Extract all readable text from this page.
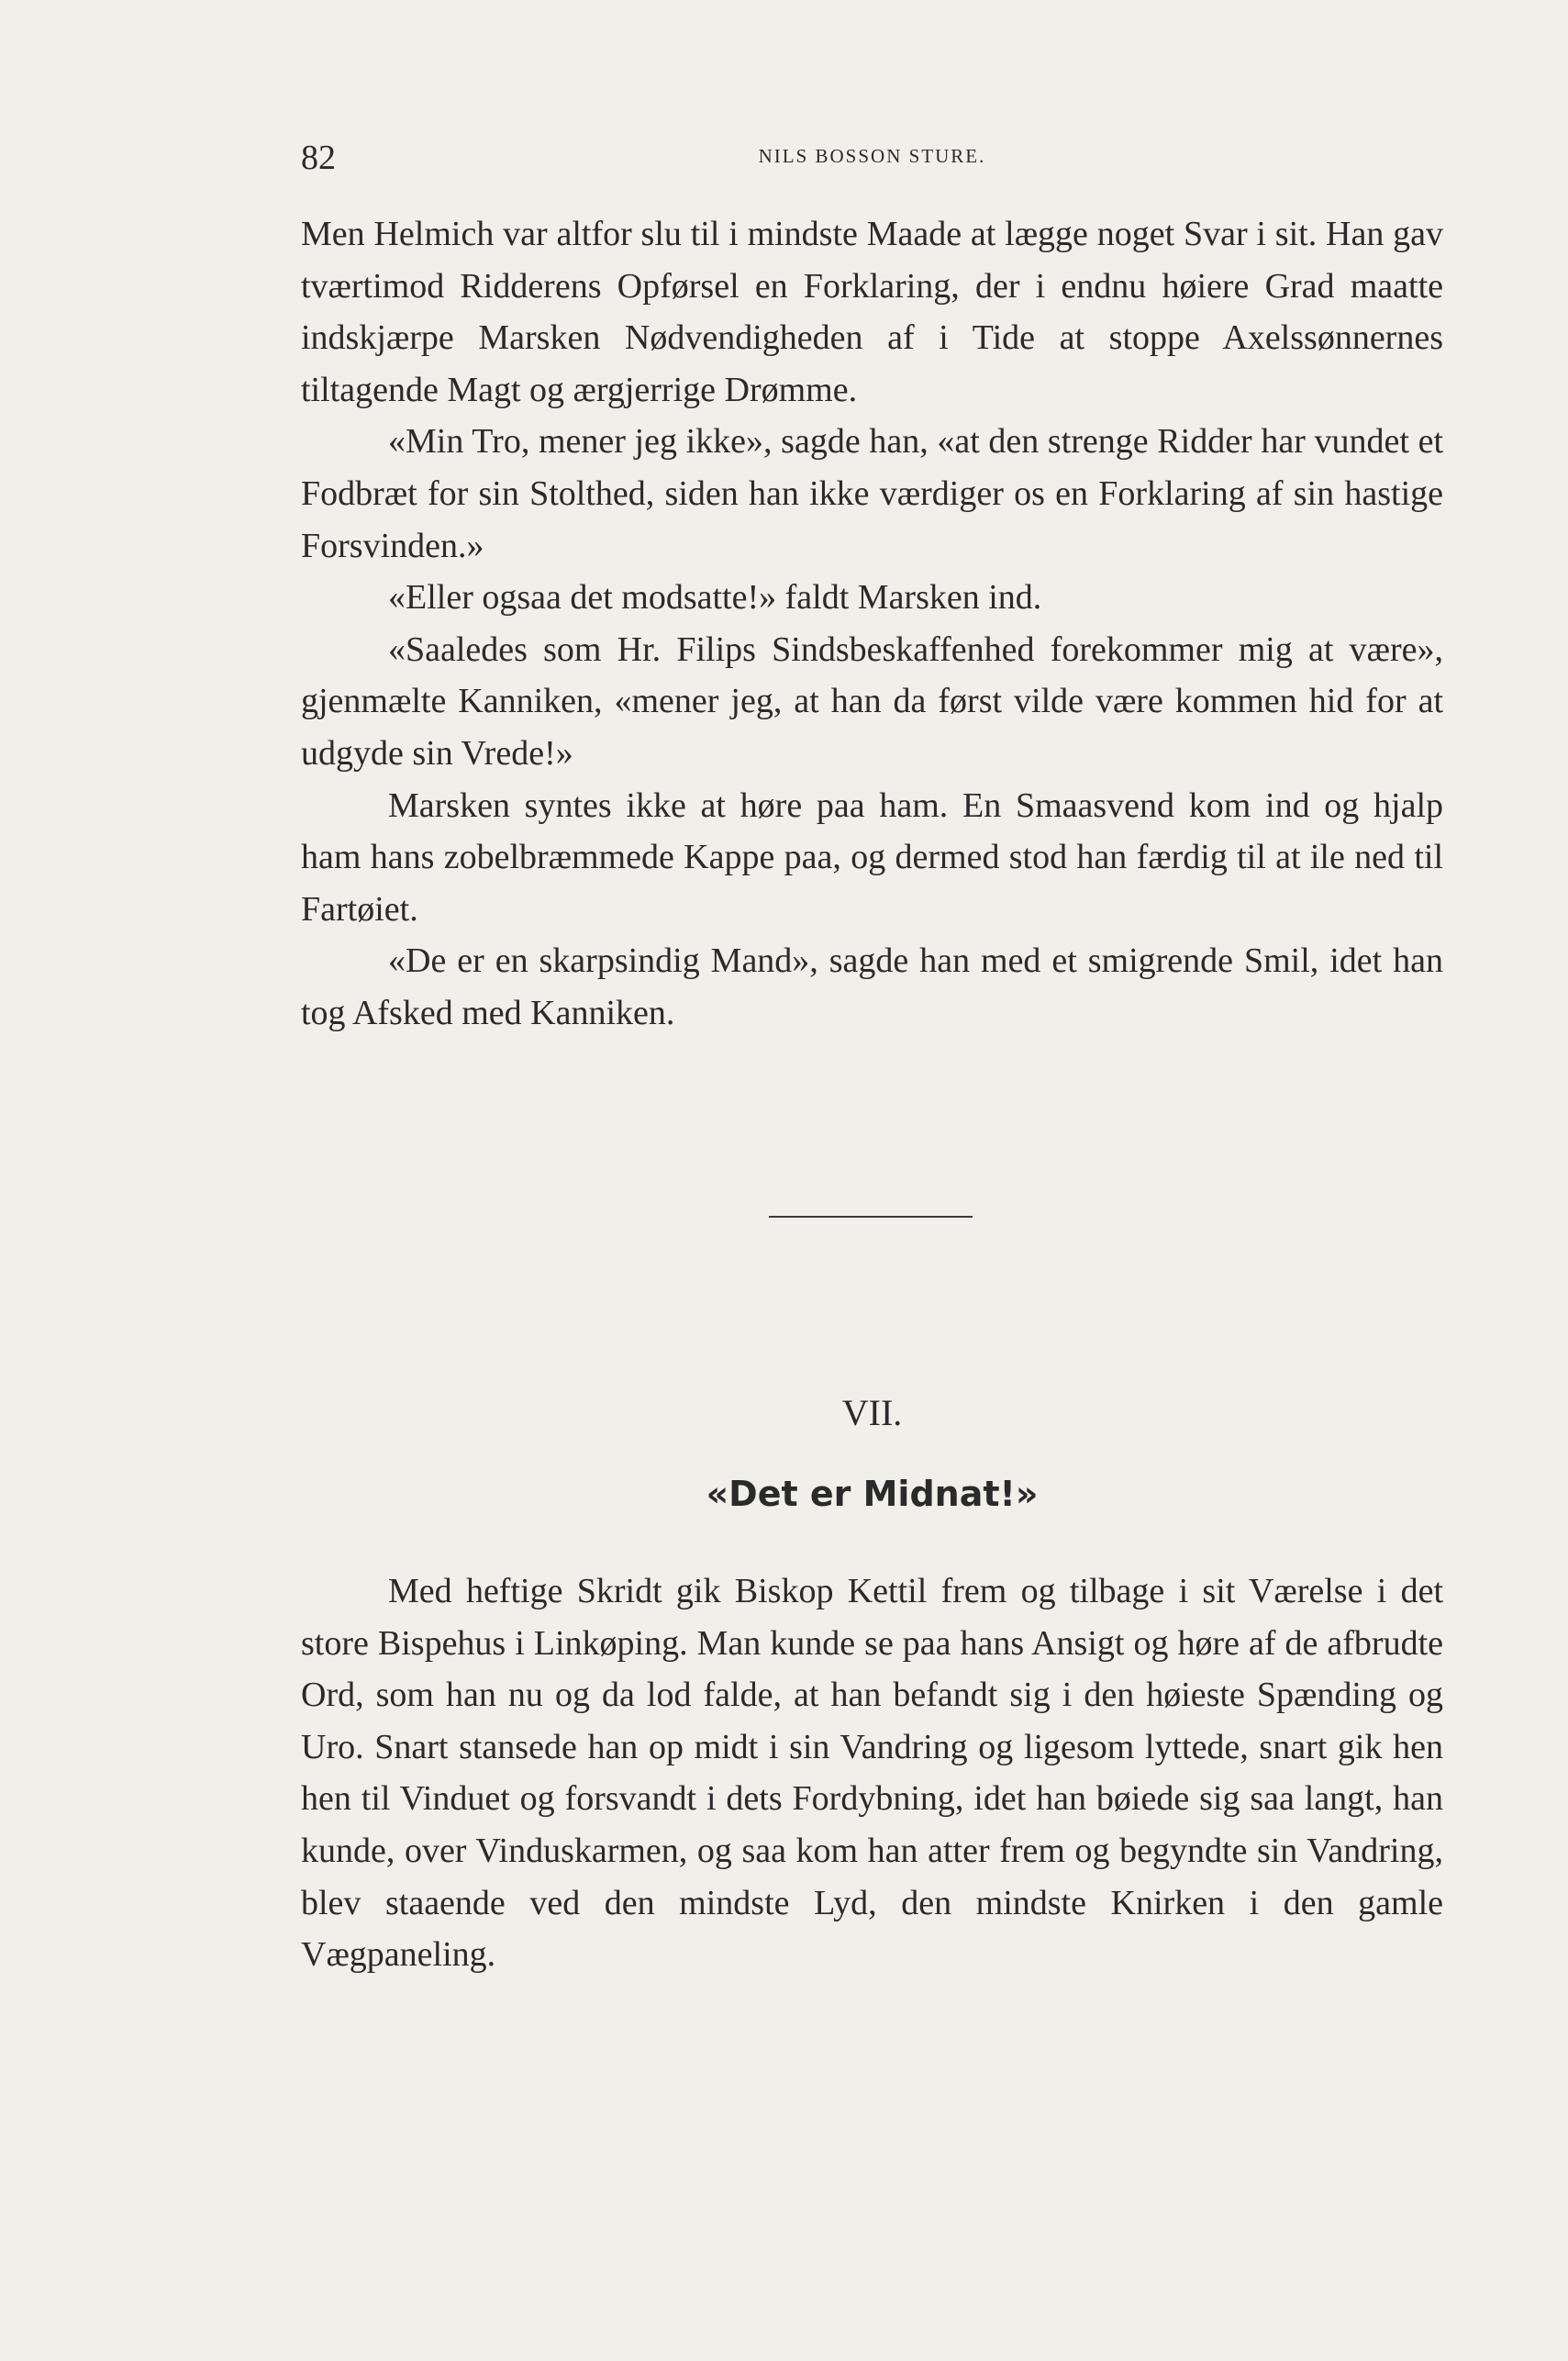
82	NILS BOSSON STURE.

Men Helmich var altfor slu til i mindste Maade at lægge noget Svar i sit. Han gav tværtimod Ridderens Opførsel en Forklaring, der i endnu høiere Grad maatte indskjærpe Marsken Nødvendigheden af i Tide at stoppe Axelssønnernes tiltagende Magt og ærgjerrige Drømme.

«Min Tro, mener jeg ikke», sagde han, «at den strenge Ridder har vundet et Fodbræt for sin Stolthed, siden han ikke værdiger os en Forklaring af sin hastige Forsvinden.»

«Eller ogsaa det modsatte!» faldt Marsken ind.

«Saaledes som Hr. Filips Sindsbeskaffenhed forekommer mig at være», gjenmælte Kanniken, «mener jeg, at han da først vilde være kommen hid for at udgyde sin Vrede!»

Marsken syntes ikke at høre paa ham. En Smaasvend kom ind og hjalp ham hans zobelbræmmede Kappe paa, og dermed stod han færdig til at ile ned til Fartøiet.

«De er en skarpsindig Mand», sagde han med et smigrende Smil, idet han tog Afsked med Kanniken.

VII.
«Det er Midnat!»

Med heftige Skridt gik Biskop Kettil frem og tilbage i sit Værelse i det store Bispehus i Linkøping. Man kunde se paa hans Ansigt og høre af de afbrudte Ord, som han nu og da lod falde, at han befandt sig i den høieste Spænding og Uro. Snart stansede han op midt i sin Vandring og ligesom lyttede, snart gik hen hen til Vinduet og forsvandt i dets Fordybning, idet han bøiede sig saa langt, han kunde, over Vinduskarmen, og saa kom han atter frem og begyndte sin Vandring, blev staaende ved den mindste Lyd, den mindste Knirken i den gamle Vægpaneling.
